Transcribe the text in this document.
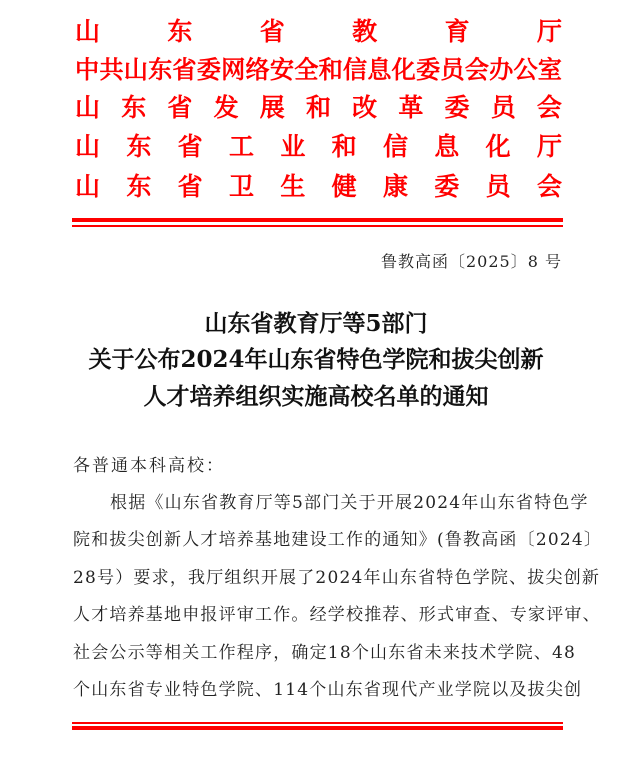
山	东	省	教	育	厅
中共山东省委网络安全和信息化委员会办公室
山 东 省 发 展 和 改 革 委 员 会
山 东 省 工 业 和 信 息 化 厅
山 东 省 卫 生 健 康 委 员 会
鲁教高函〔2025〕8 号
山东省教育厅等5部门
关于公布2024年山东省特色学院和拔尖创新
人才培养组织实施高校名单的通知
各普通本科高校：
根据《山东省教育厅等5部门关于开展2024年山东省特色学
院和拔尖创新人才培养基地建设工作的通知》(鲁教高函〔2024〕
28号）要求，我厅组织开展了2024年山东省特色学院、拔尖创新
人才培养基地申报评审工作。经学校推荐、形式审查、专家评审、
社会公示等相关工作程序，确定18个山东省未来技术学院、48
个山东省专业特色学院、114个山东省现代产业学院以及拔尖创
